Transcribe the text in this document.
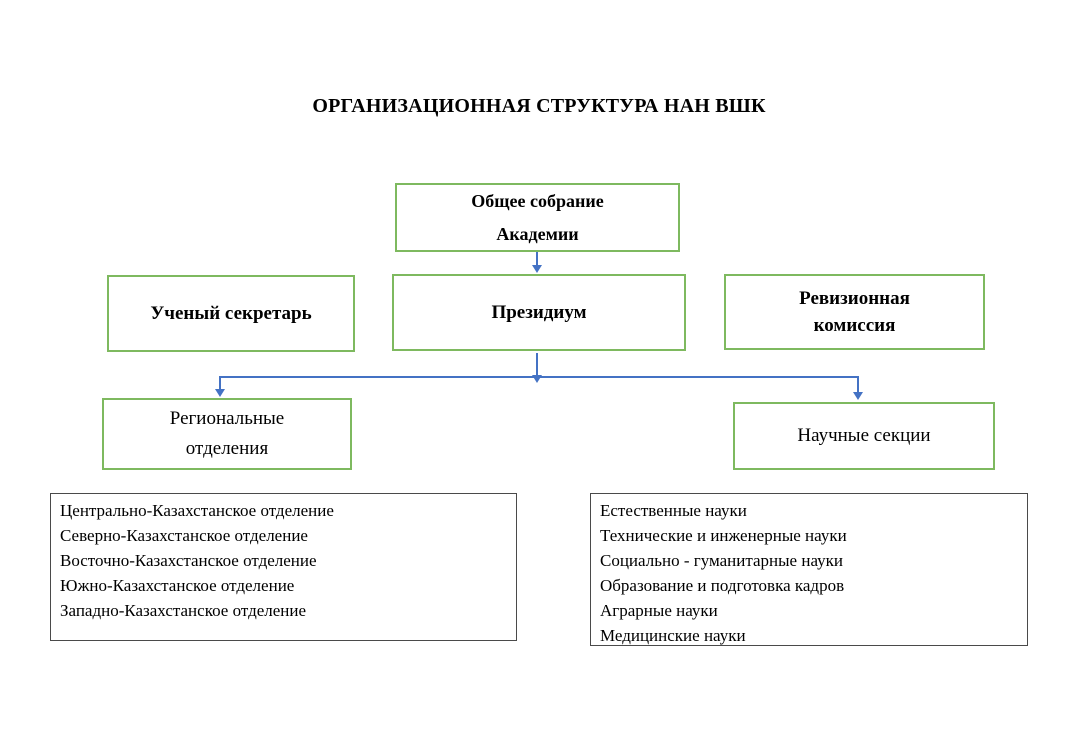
ОРГАНИЗАЦИОННАЯ СТРУКТУРА НАН ВШК
Общее собрание
Академии
Ученый секретарь	Президиум
Ревизионная
комиссия
Региональные
отделения
Научные секции
Центрально-Казахстанское отделение
Северно-Казахстанское отделение
Восточно-Казахстанское отделение
Южно-Казахстанское отделение
Западно-Казахстанское отделение
Естественные науки
Технические и инженерные науки
Социально - гуманитарные науки
Образование и подготовка кадров
Аграрные науки
Медицинские науки
